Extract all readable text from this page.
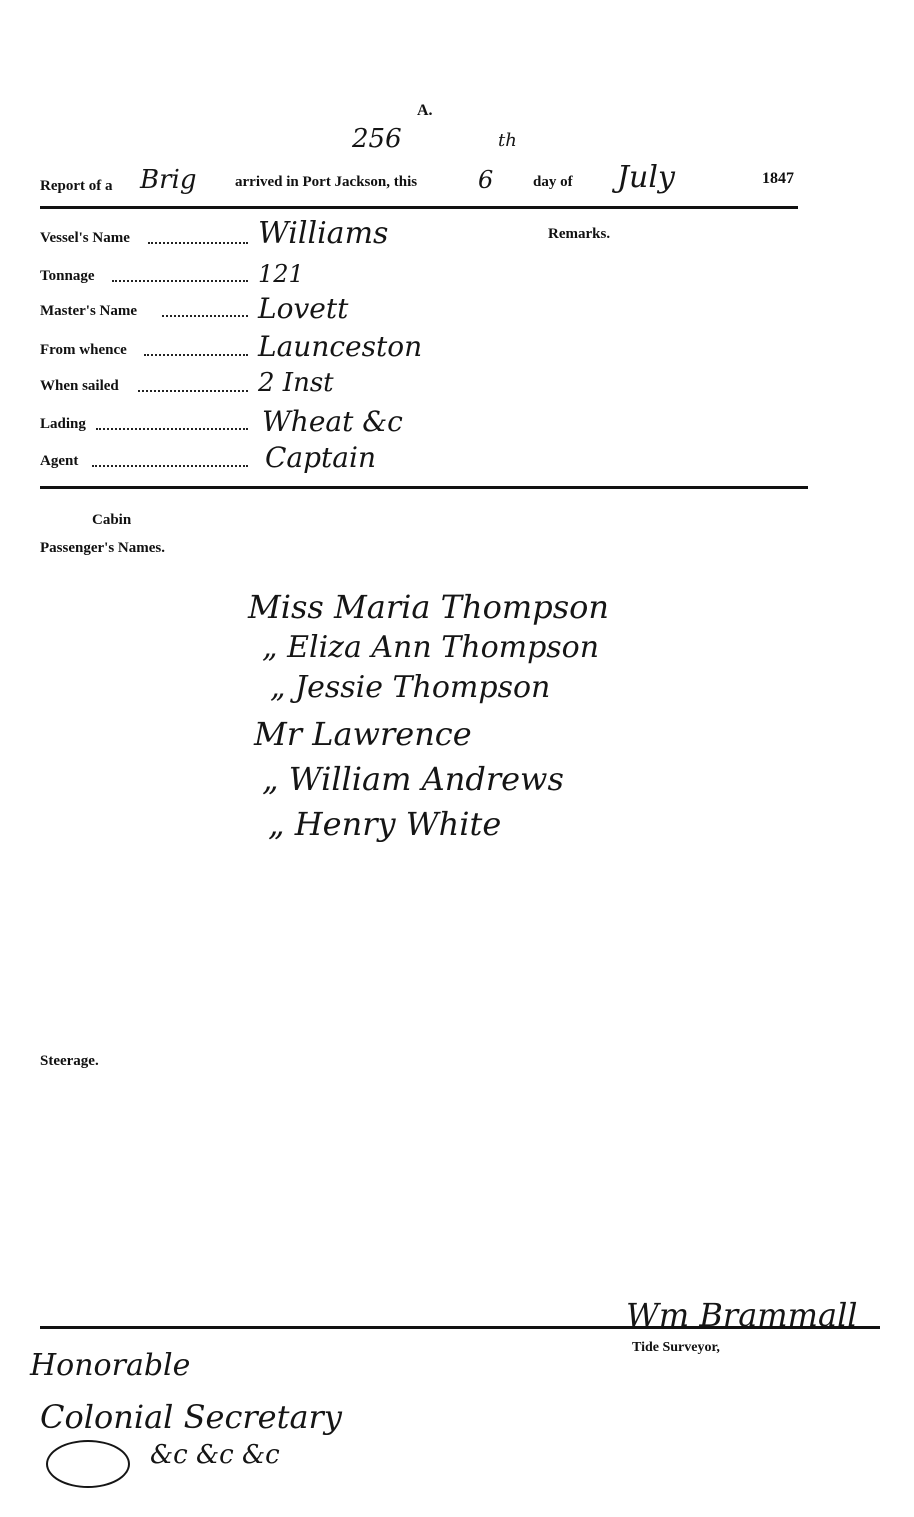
A.
256	th
Report of a Brig	arrived in Port Jackson, this	6	day of July	1847
Remarks.
Vessel's Name	Williams
Tonnage	121
Master's Name	Lovett
From whence	Launceston
When sailed	2 Inst
Lading	Wheat &c
Agent	Captain
Cabin
Passenger's Names.
Miss Maria Thompson
„ Eliza Ann Thompson
„ Jessie Thompson
Mr Lawrence
„ William Andrews
„ Henry White
Steerage.
Wm Brammall
Tide Surveyor,
Honorable
Colonial Secretary
&c &c &c
